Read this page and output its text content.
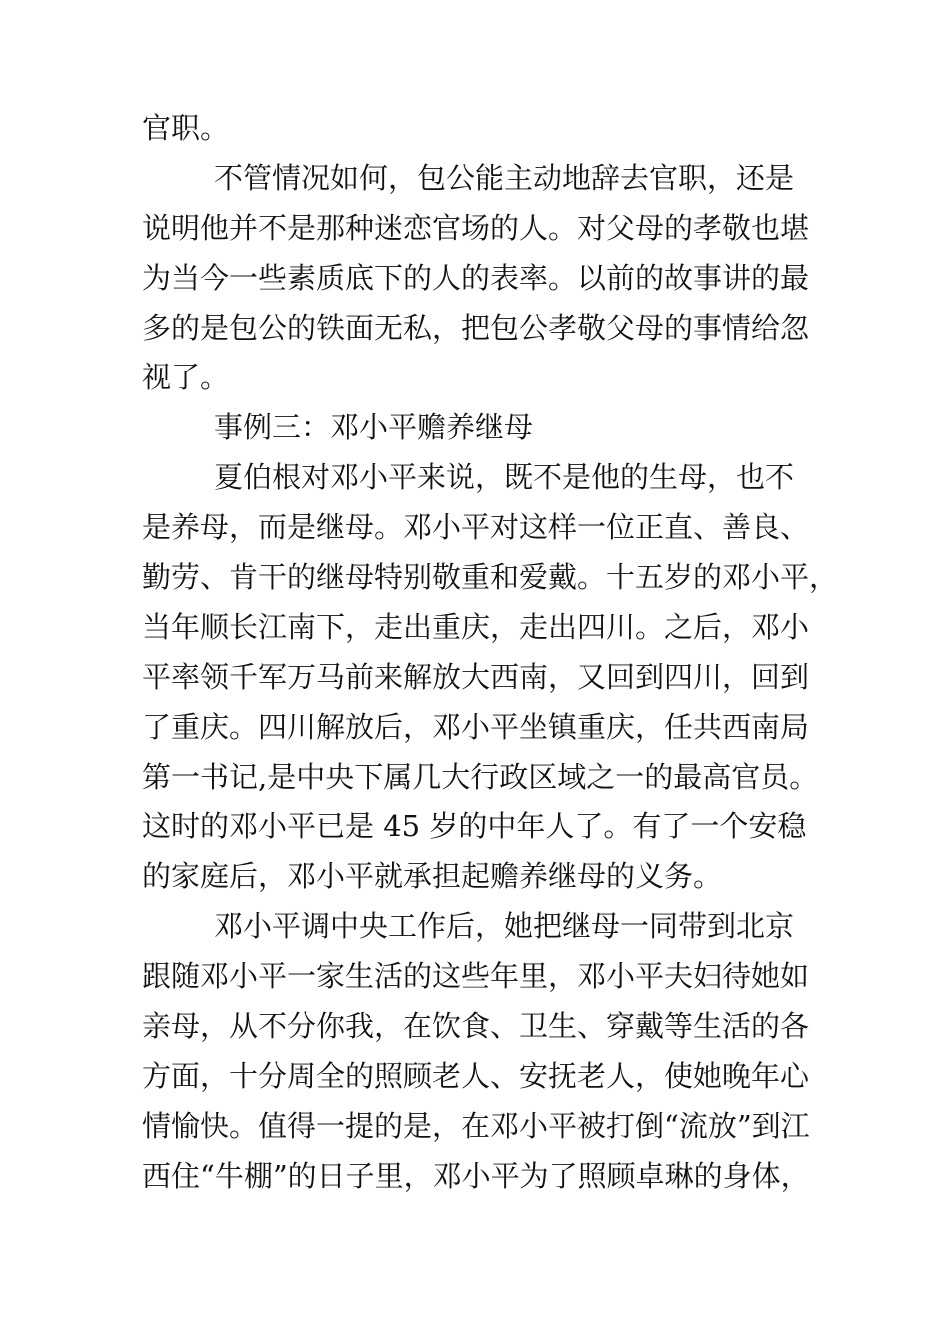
官职。
不管情况如何，包公能主动地辞去官职，还是
说明他并不是那种迷恋官场的人。对父母的孝敬也堪
为当今一些素质底下的人的表率。以前的故事讲的最
多的是包公的铁面无私，把包公孝敬父母的事情给忽
视了。
事例三：邓小平赡养继母
夏伯根对邓小平来说，既不是他的生母，也不
是养母，而是继母。邓小平对这样一位正直、善良、
勤劳、肯干的继母特别敬重和爱戴。十五岁的邓小平，
当年顺长江南下，走出重庆，走出四川。之后，邓小
平率领千军万马前来解放大西南，又回到四川，回到
了重庆。四川解放后，邓小平坐镇重庆，任共西南局
第一书记,是中央下属几大行政区域之一的最高官员。
这时的邓小平已是 45 岁的中年人了。有了一个安稳
的家庭后，邓小平就承担起赡养继母的义务。
邓小平调中央工作后，她把继母一同带到北京
跟随邓小平一家生活的这些年里，邓小平夫妇待她如
亲母，从不分你我，在饮食、卫生、穿戴等生活的各
方面，十分周全的照顾老人、安抚老人，使她晚年心
情愉快。值得一提的是，在邓小平被打倒“流放”到江
西住“牛棚”的日子里，邓小平为了照顾卓琳的身体，
